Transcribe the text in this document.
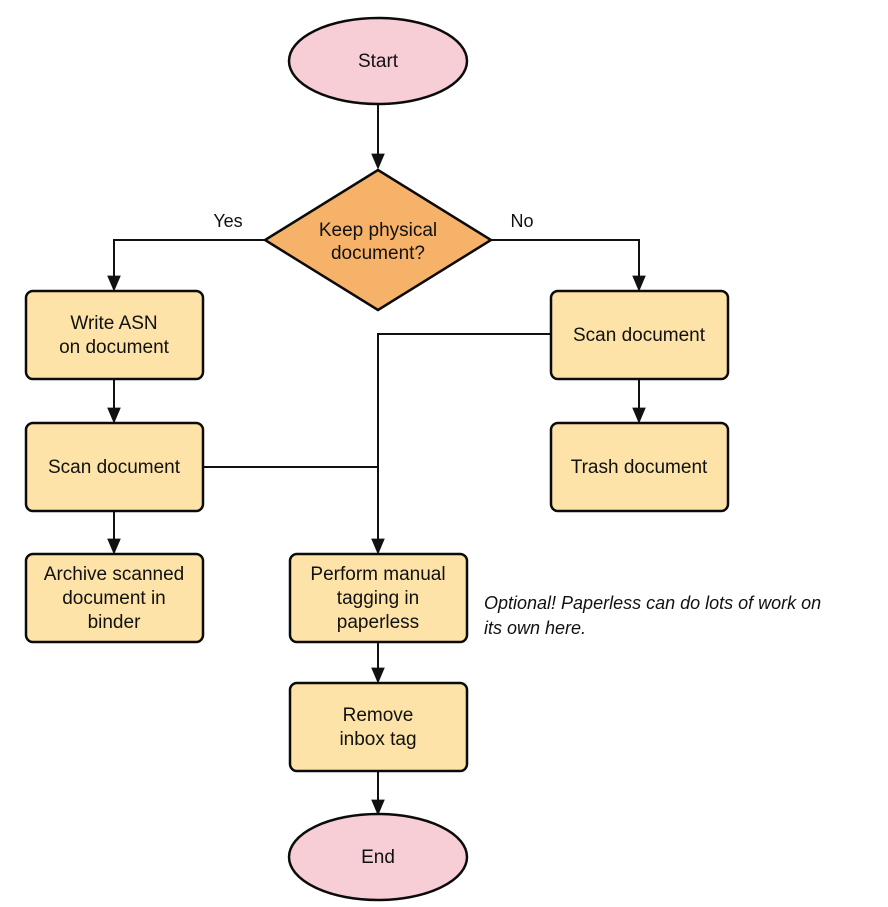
Yes	No
Start
Keep physical
document?
Write ASN
on document
Scan document
Archive scanned
document in
binder
Scan document
Trash document
Perform manual
tagging in
paperless
Remove
inbox tag
End
Optional! Paperless can do lots of work on
its own here.
